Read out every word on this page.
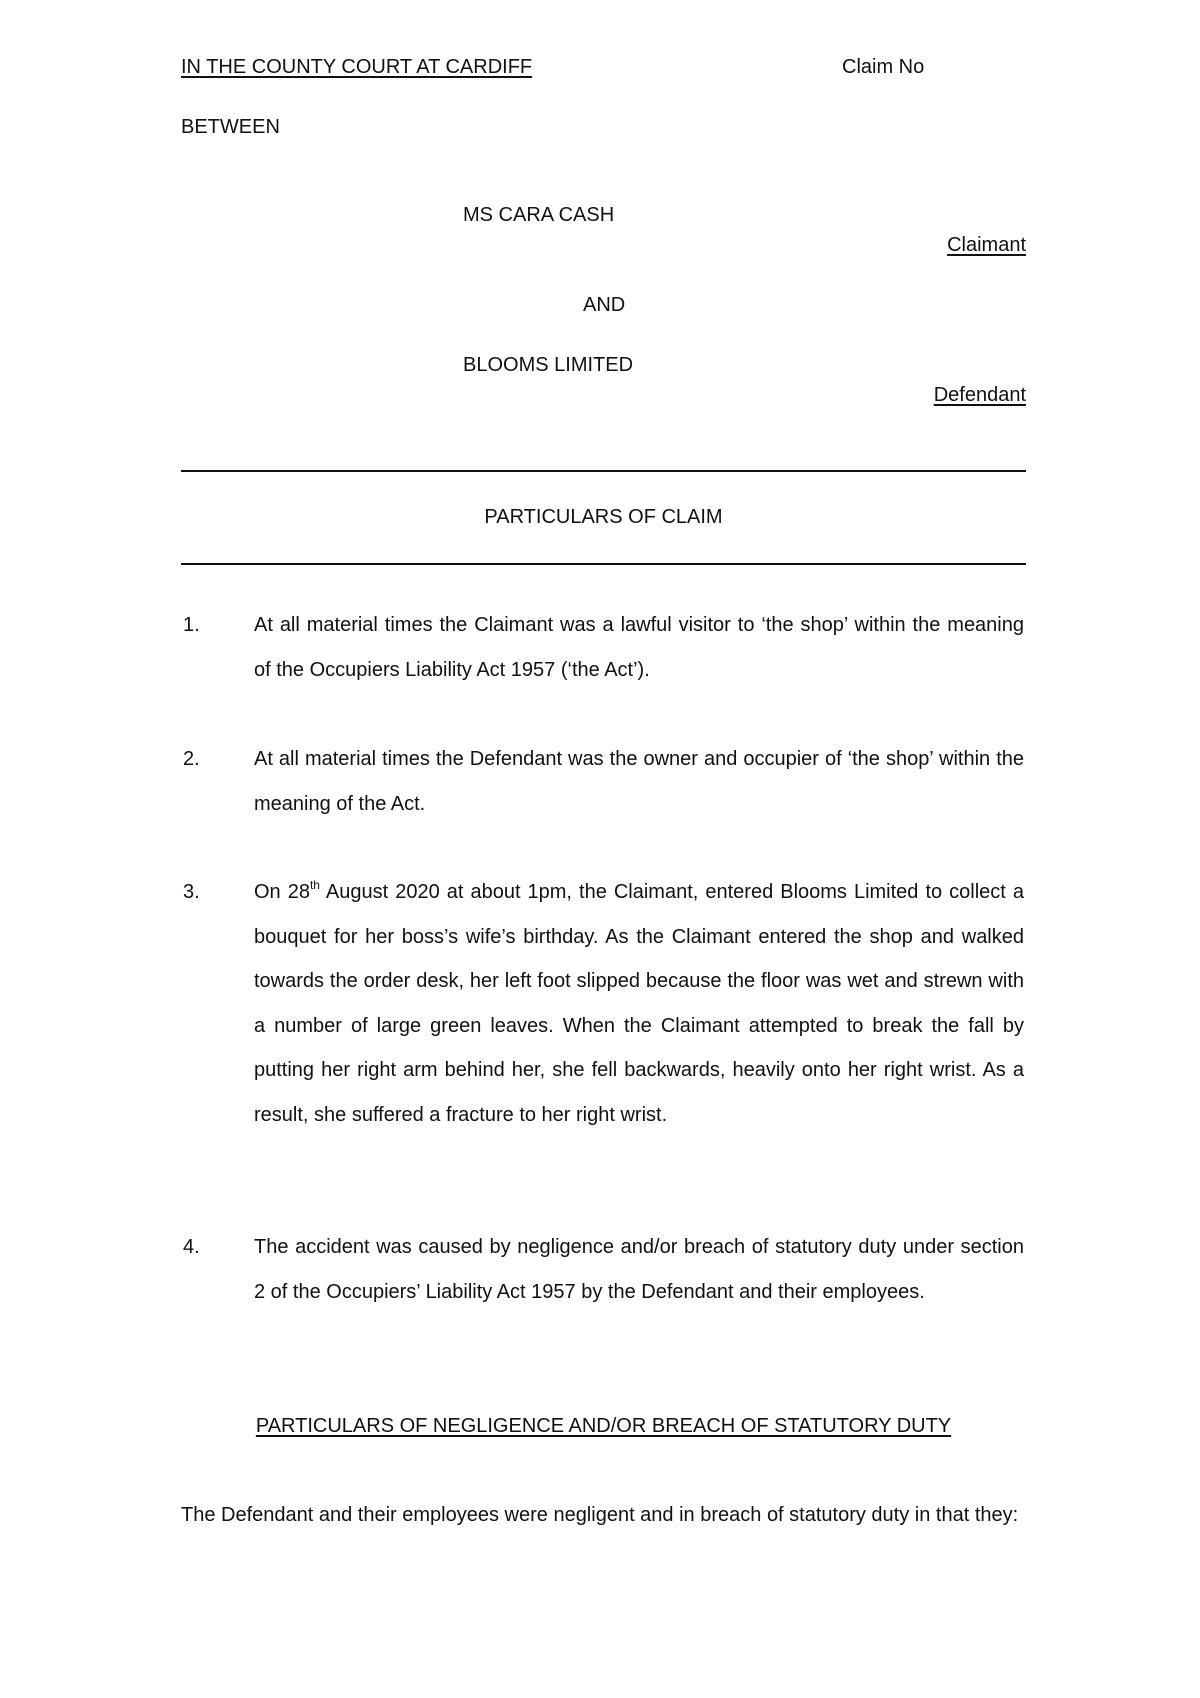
IN THE COUNTY COURT AT CARDIFF	Claim No
BETWEEN
MS CARA CASH
Claimant
AND
BLOOMS LIMITED
Defendant
PARTICULARS OF CLAIM
1.	At all material times the Claimant was a lawful visitor to ‘the shop’ within the meaning of the Occupiers Liability Act 1957 (‘the Act’).
2.	At all material times the Defendant was the owner and occupier of ‘the shop’ within the meaning of the Act.
3.	On 28th August 2020 at about 1pm, the Claimant, entered Blooms Limited to collect a bouquet for her boss’s wife’s birthday. As the Claimant entered the shop and walked towards the order desk, her left foot slipped because the floor was wet and strewn with a number of large green leaves. When the Claimant attempted to break the fall by putting her right arm behind her, she fell backwards, heavily onto her right wrist. As a result, she suffered a fracture to her right wrist.
4.	The accident was caused by negligence and/or breach of statutory duty under section 2 of the Occupiers’ Liability Act 1957 by the Defendant and their employees.
PARTICULARS OF NEGLIGENCE AND/OR BREACH OF STATUTORY DUTY
The Defendant and their employees were negligent and in breach of statutory duty in that they:
